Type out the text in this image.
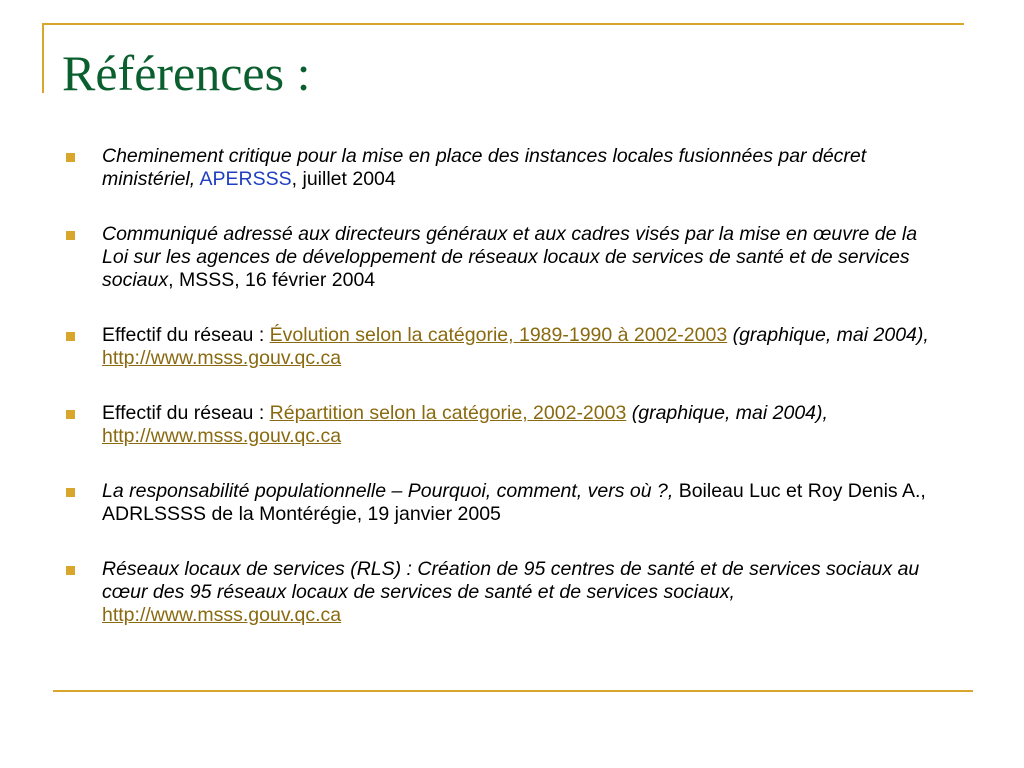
Références :
Cheminement critique pour la mise en place des instances locales fusionnées par décret ministériel, APERSSS, juillet 2004
Communiqué adressé aux directeurs généraux et aux cadres visés par la mise en œuvre de la Loi sur les agences de développement de réseaux locaux de services de santé et de services sociaux, MSSS, 16 février 2004
Effectif du réseau : Évolution selon la catégorie, 1989-1990 à 2002-2003 (graphique, mai 2004), http://www.msss.gouv.qc.ca
Effectif du réseau : Répartition selon la catégorie, 2002-2003 (graphique, mai 2004), http://www.msss.gouv.qc.ca
La responsabilité populationnelle – Pourquoi, comment, vers où ?, Boileau Luc et Roy Denis A., ADRLSSSS de la Montérégie, 19 janvier 2005
Réseaux locaux de services (RLS) : Création de 95 centres de santé et de services sociaux au cœur des 95 réseaux locaux de services de santé et de services sociaux, http://www.msss.gouv.qc.ca
